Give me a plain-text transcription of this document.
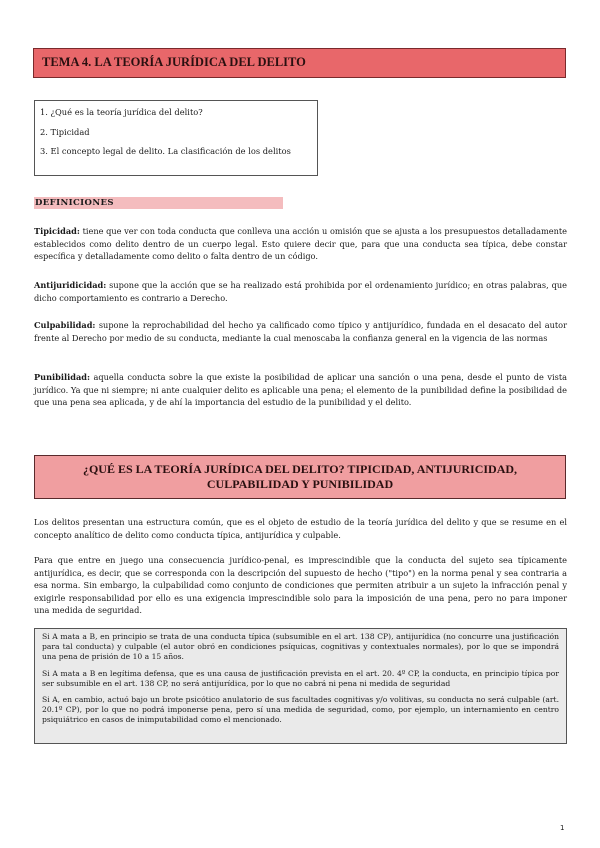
TEMA 4. LA TEORÍA JURÍDICA DEL DELITO
1. ¿Qué es la teoría jurídica del delito?
2. Tipicidad
3. El concepto legal de delito. La clasificación de los delitos
DEFINICIONES
Tipicidad: tiene que ver con toda conducta que conlleva una acción u omisión que se ajusta a los presupuestos detalladamente establecidos como delito dentro de un cuerpo legal. Esto quiere decir que, para que una conducta sea típica, debe constar específica y detalladamente como delito o falta dentro de un código.
Antijuridicidad: supone que la acción que se ha realizado está prohibida por el ordenamiento jurídico; en otras palabras, que dicho comportamiento es contrario a Derecho.
Culpabilidad: supone la reprochabilidad del hecho ya calificado como típico y antijurídico, fundada en el desacato del autor frente al Derecho por medio de su conducta, mediante la cual menoscaba la confianza general en la vigencia de las normas
Punibilidad: aquella conducta sobre la que existe la posibilidad de aplicar una sanción o una pena, desde el punto de vista jurídico. Ya que ni siempre; ni ante cualquier delito es aplicable una pena; el elemento de la punibilidad define la posibilidad de que una pena sea aplicada, y de ahí la importancia del estudio de la punibilidad y el delito.
¿QUÉ ES LA TEORÍA JURÍDICA DEL DELITO? TIPICIDAD, ANTIJURICIDAD,
CULPABILIDAD Y PUNIBILIDAD
Los delitos presentan una estructura común, que es el objeto de estudio de la teoría jurídica del delito y que se resume en el concepto analítico de delito como conducta típica, antijurídica y culpable.
Para que entre en juego una consecuencia jurídico-penal, es imprescindible que la conducta del sujeto sea típicamente antijurídica, es decir, que se corresponda con la descripción del supuesto de hecho ("tipo") en la norma penal y sea contraria a esa norma. Sin embargo, la culpabilidad como conjunto de condiciones que permiten atribuir a un sujeto la infracción penal y exigirle responsabilidad por ello es una exigencia imprescindible solo para la imposición de una pena, pero no para imponer una medida de seguridad.

Si A mata a B, en principio se trata de una conducta típica (subsumible en el art. 138 CP), antijurídica (no concurre una justificación para tal conducta) y culpable (el autor obró en condiciones psíquicas, cognitivas y contextuales normales), por lo que se impondrá una pena de prisión de 10 a 15 años.

Si A mata a B en legítima defensa, que es una causa de justificación prevista en el art. 20. 4º CP, la conducta, en principio típica por ser subsumible en el art. 138 CP, no será antijurídica, por lo que no cabrá ni pena ni medida de seguridad

Si A, en cambio, actuó bajo un brote psicótico anulatorio de sus facultades cognitivas y/o volitivas, su conducta no será culpable (art. 20.1º CP), por lo que no podrá imponerse pena, pero sí una medida de seguridad, como, por ejemplo, un internamiento en centro psiquiátrico en casos de inimputabilidad como el mencionado.

1
